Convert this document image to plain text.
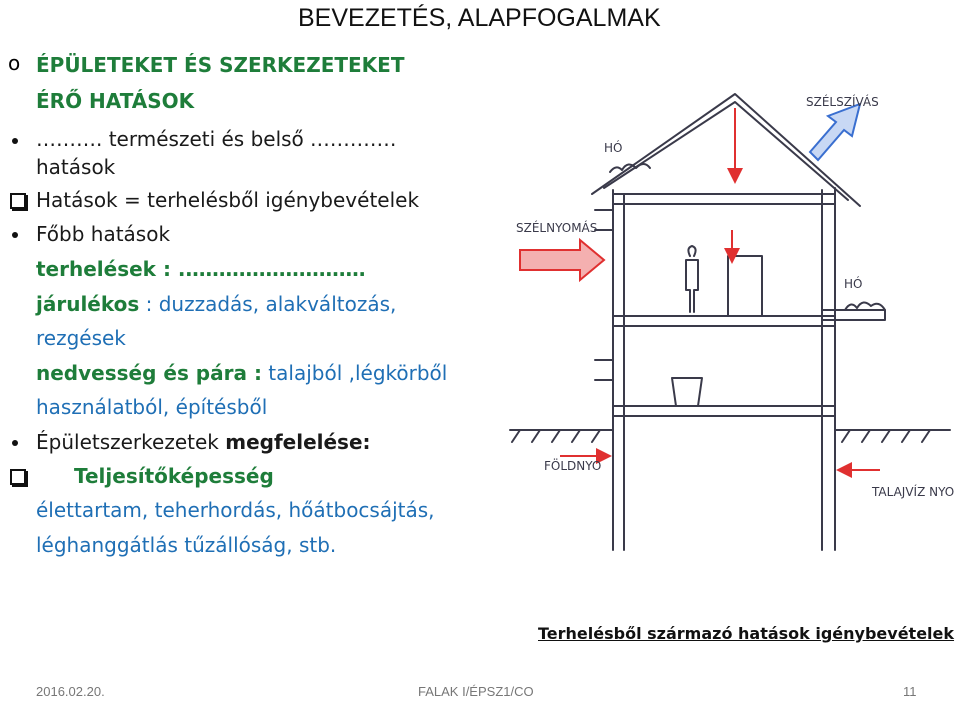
BEVEZETÉS, ALAPFOGALMAK
o ÉPÜLETEKET ÉS SZERKEZETEKET
ÉRŐ HATÁSOK
………. természeti és belső .…………
hatások
Hatások = terhelésből igénybevételek
Főbb hatások
terhelések : .………………………
járulékos : duzzadás, alakváltozás,
rezgések
nedvesség és pára : talajból ,légkörből
használatból, építésből
Épületszerkezetek megfelelése:
Teljesítőképesség
élettartam, teherhordás, hőátbocsájtás,
léghanggátlás tűzállóság, stb.
SZÉLSZÍVÁS
HÓ
SZÉLNYOMÁS
HÓ
FÖLDNYO
TALAJVÍZ NYO
Terhelésből származó hatások igénybevételek
2016.02.20.	FALAK I/ÉPSZ1/CO	11
